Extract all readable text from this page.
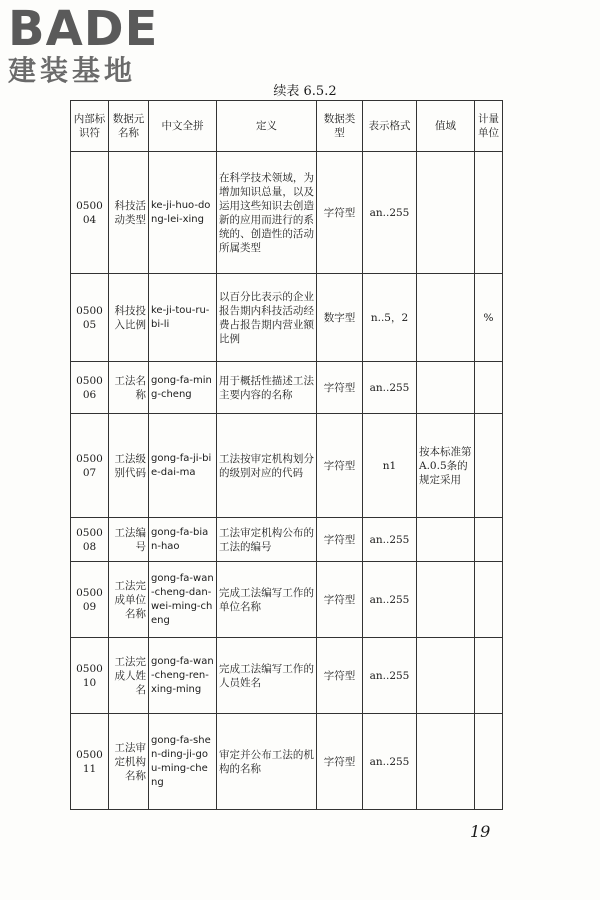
BADE
建装基地
续表 6.5.2
内部标识符	数据元名称	中文全拼	定义	数据类型	表示格式	值域	计量单位
050004	科技活动类型	ke-ji-huo-dong-lei-xing	在科学技术领域，为增加知识总量，以及运用这些知识去创造新的应用而进行的系统的、创造性的活动所属类型	字符型	an..255		
050005	科技投入比例	ke-ji-tou-ru-bi-li	以百分比表示的企业报告期内科技活动经费占报告期内营业额比例	数字型	n..5，2		%
050006	工法名称	gong-fa-ming-cheng	用于概括性描述工法主要内容的名称	字符型	an..255		
050007	工法级别代码	gong-fa-ji-bie-dai-ma	工法按审定机构划分的级别对应的代码	字符型	n1	按本标准第A.0.5条的规定采用	
050008	工法编号	gong-fa-bian-hao	工法审定机构公布的工法的编号	字符型	an..255		
050009	工法完成单位名称	gong-fa-wan-cheng-dan-wei-ming-cheng	完成工法编写工作的单位名称	字符型	an..255		
050010	工法完成人姓名	gong-fa-wan-cheng-ren-xing-ming	完成工法编写工作的人员姓名	字符型	an..255		
050011	工法审定机构名称	gong-fa-shen-ding-ji-gou-ming-cheng	审定并公布工法的机构的名称	字符型	an..255		
19
